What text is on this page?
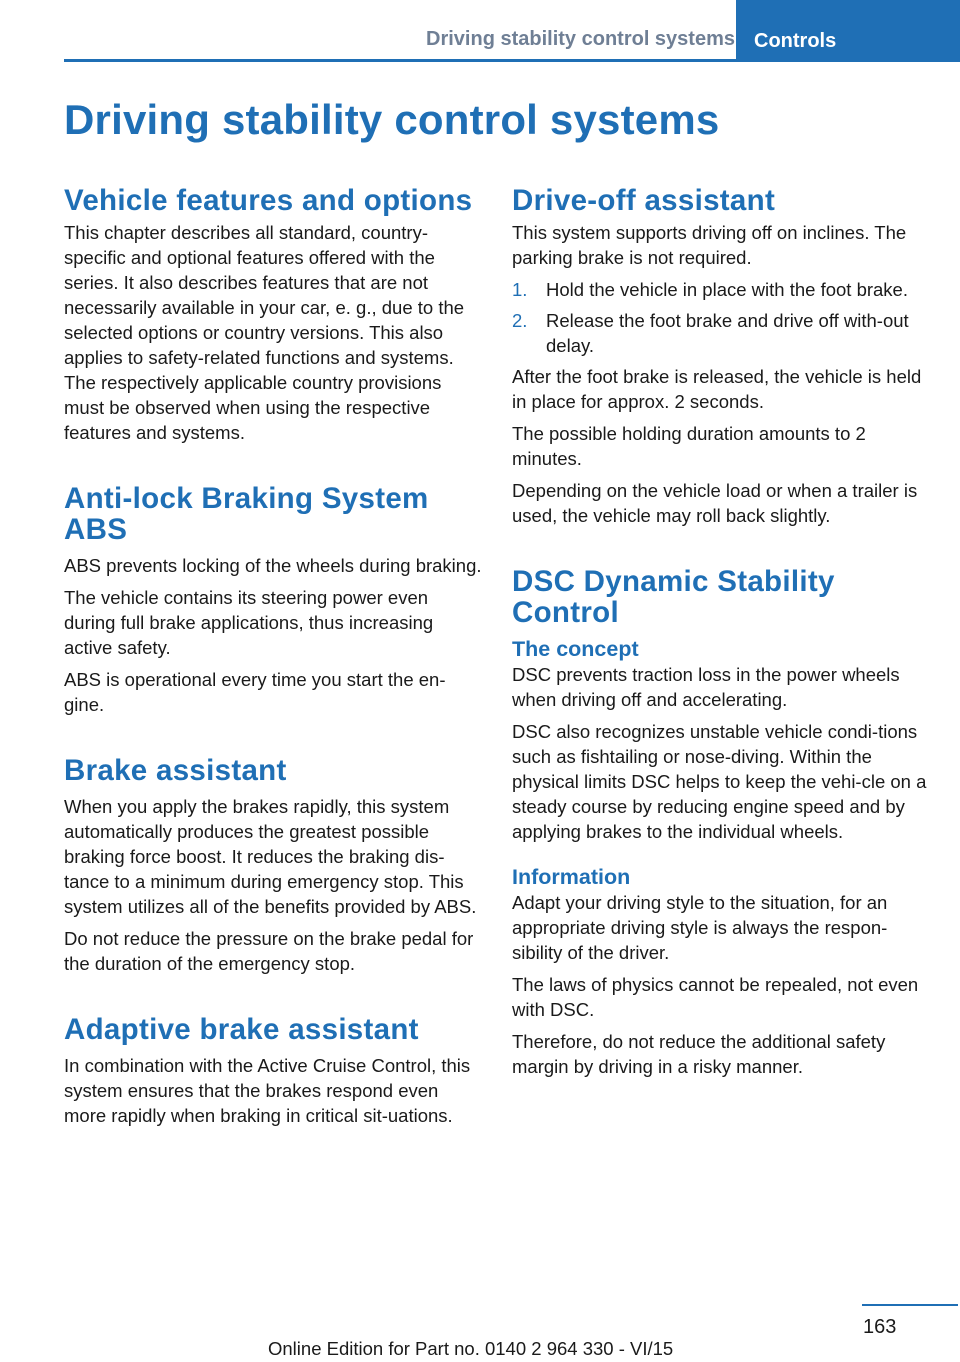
Driving stability control systems Controls
Driving stability control systems
Vehicle features and options

This chapter describes all standard, country-specific and optional features offered with the series. It also describes features that are not necessarily available in your car, e. g., due to the selected options or country versions. This also applies to safety-related functions and systems. The respectively applicable country provisions must be observed when using the respective features and systems.

Anti-lock Braking System ABS

ABS prevents locking of the wheels during braking.

The vehicle contains its steering power even during full brake applications, thus increasing active safety.

ABS is operational every time you start the en-gine.

Brake assistant

When you apply the brakes rapidly, this system automatically produces the greatest possible braking force boost. It reduces the braking dis-tance to a minimum during emergency stop. This system utilizes all of the benefits provided by ABS.

Do not reduce the pressure on the brake pedal for the duration of the emergency stop.

Adaptive brake assistant

In combination with the Active Cruise Control, this system ensures that the brakes respond even more rapidly when braking in critical sit-uations.

Drive-off assistant

This system supports driving off on inclines. The parking brake is not required.

1.	Hold the vehicle in place with the foot brake.
2.	Release the foot brake and drive off with-out delay.

After the foot brake is released, the vehicle is held in place for approx. 2 seconds.

The possible holding duration amounts to 2 minutes.

Depending on the vehicle load or when a trailer is used, the vehicle may roll back slightly.

DSC Dynamic Stability Control
The concept

DSC prevents traction loss in the power wheels when driving off and accelerating.

DSC also recognizes unstable vehicle condi-tions such as fishtailing or nose-diving. Within the physical limits DSC helps to keep the vehi-cle on a steady course by reducing engine speed and by applying brakes to the individual wheels.

Information

Adapt your driving style to the situation, for an appropriate driving style is always the respon-sibility of the driver.

The laws of physics cannot be repealed, not even with DSC.

Therefore, do not reduce the additional safety margin by driving in a risky manner.

163
Online Edition for Part no. 0140 2 964 330 - VI/15
